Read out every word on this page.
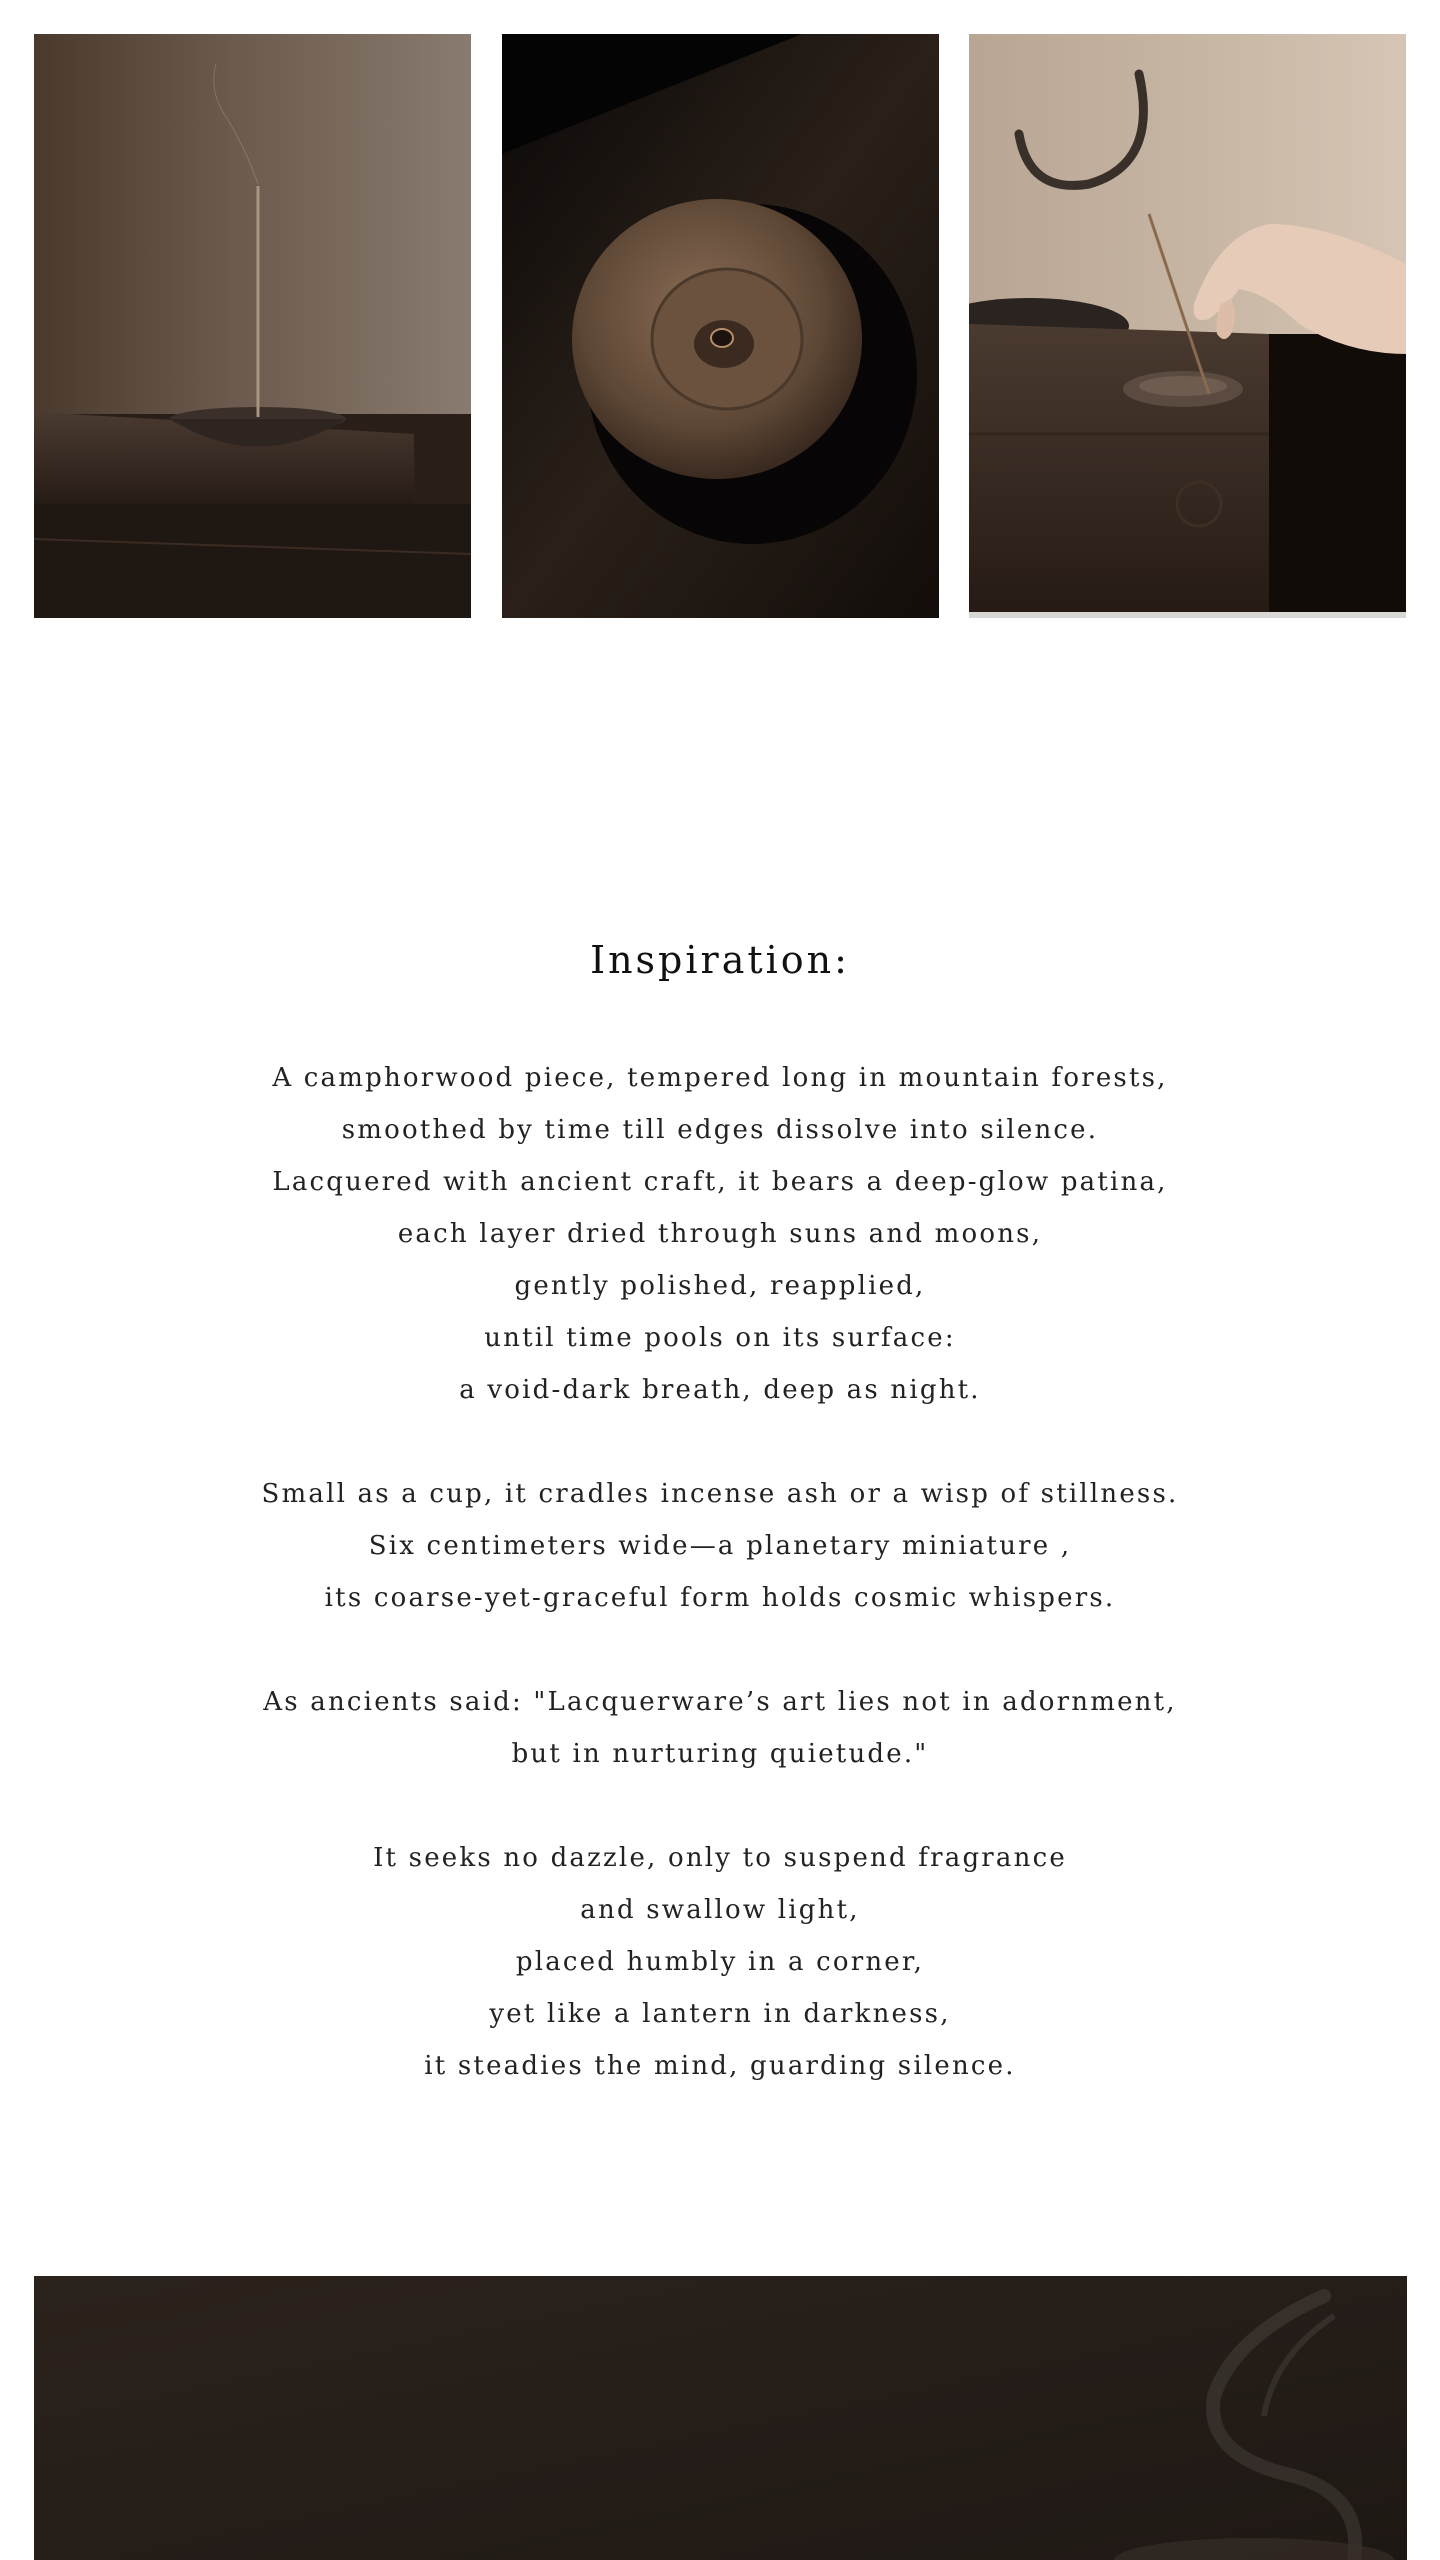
Inspiration:
A camphorwood piece, tempered long in mountain forests,
smoothed by time till edges dissolve into silence.
Lacquered with ancient craft, it bears a deep-glow patina,
each layer dried through suns and moons,
gently polished, reapplied,
until time pools on its surface:
a void-dark breath, deep as night.
Small as a cup, it cradles incense ash or a wisp of stillness.
Six centimeters wide—a planetary miniature ,
its coarse-yet-graceful form holds cosmic whispers.
As ancients said: "Lacquerware’s art lies not in adornment,
but in nurturing quietude."
It seeks no dazzle, only to suspend fragrance
and swallow light,
placed humbly in a corner,
yet like a lantern in darkness,
it steadies the mind, guarding silence.
